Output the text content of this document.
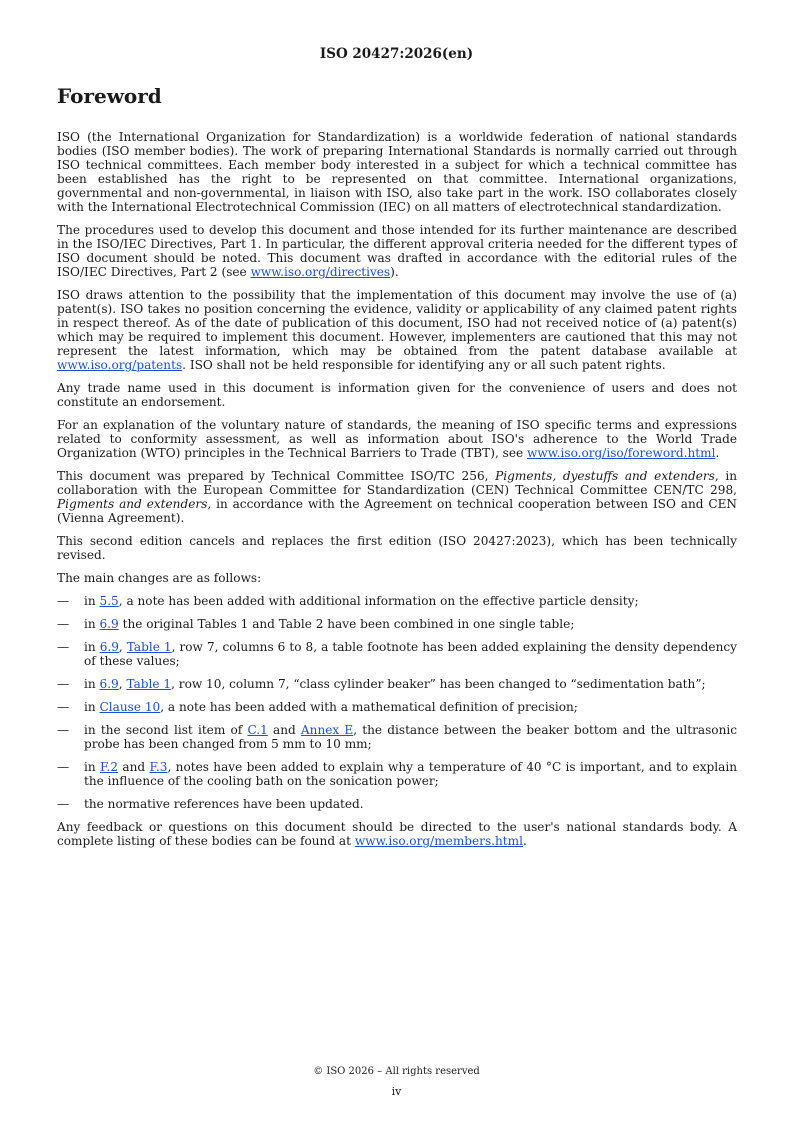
ISO 20427:2026(en)
Foreword

ISO (the International Organization for Standardization) is a worldwide federation of national standards bodies (ISO member bodies). The work of preparing International Standards is normally carried out through ISO technical committees. Each member body interested in a subject for which a technical committee has been established has the right to be represented on that committee. International organizations, governmental and non-governmental, in liaison with ISO, also take part in the work. ISO collaborates closely with the International Electrotechnical Commission (IEC) on all matters of electrotechnical standardization.

The procedures used to develop this document and those intended for its further maintenance are described in the ISO/IEC Directives, Part 1. In particular, the different approval criteria needed for the different types of ISO document should be noted. This document was drafted in accordance with the editorial rules of the ISO/IEC Directives, Part 2 (see www.iso.org/directives).

ISO draws attention to the possibility that the implementation of this document may involve the use of (a) patent(s). ISO takes no position concerning the evidence, validity or applicability of any claimed patent rights in respect thereof. As of the date of publication of this document, ISO had not received notice of (a) patent(s) which may be required to implement this document. However, implementers are cautioned that this may not represent the latest information, which may be obtained from the patent database available at www.iso.org/patents. ISO shall not be held responsible for identifying any or all such patent rights.

Any trade name used in this document is information given for the convenience of users and does not constitute an endorsement.

For an explanation of the voluntary nature of standards, the meaning of ISO specific terms and expressions related to conformity assessment, as well as information about ISO's adherence to the World Trade Organization (WTO) principles in the Technical Barriers to Trade (TBT), see www.iso.org/iso/foreword.html.

This document was prepared by Technical Committee ISO/TC 256, Pigments, dyestuffs and extenders, in collaboration with the European Committee for Standardization (CEN) Technical Committee CEN/TC 298, Pigments and extenders, in accordance with the Agreement on technical cooperation between ISO and CEN (Vienna Agreement).

This second edition cancels and replaces the first edition (ISO 20427:2023), which has been technically revised.

The main changes are as follows:

— in 5.5, a note has been added with additional information on the effective particle density;
— in 6.9 the original Tables 1 and Table 2 have been combined in one single table;
— in 6.9, Table 1, row 7, columns 6 to 8, a table footnote has been added explaining the density dependency of these values;
— in 6.9, Table 1, row 10, column 7, “class cylinder beaker” has been changed to “sedimentation bath”;
— in Clause 10, a note has been added with a mathematical definition of precision;
— in the second list item of C.1 and Annex E, the distance between the beaker bottom and the ultrasonic probe has been changed from 5 mm to 10 mm;
— in F.2 and F.3, notes have been added to explain why a temperature of 40 °C is important, and to explain the influence of the cooling bath on the sonication power;
— the normative references have been updated.

Any feedback or questions on this document should be directed to the user's national standards body. A complete listing of these bodies can be found at www.iso.org/members.html.

© ISO 2026 – All rights reserved
iv
